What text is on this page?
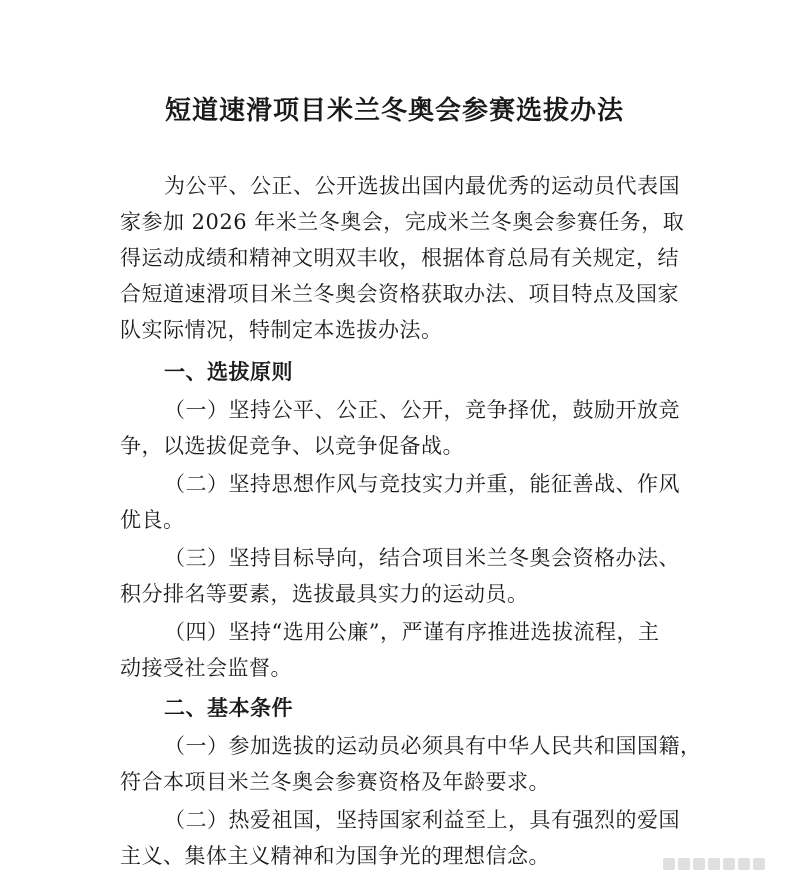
短道速滑项目米兰冬奥会参赛选拔办法
为公平、公正、公开选拔出国内最优秀的运动员代表国
家参加 2026 年米兰冬奥会，完成米兰冬奥会参赛任务，取
得运动成绩和精神文明双丰收，根据体育总局有关规定，结
合短道速滑项目米兰冬奥会资格获取办法、项目特点及国家
队实际情况，特制定本选拔办法。
一、选拔原则
（一）坚持公平、公正、公开，竞争择优，鼓励开放竞
争，以选拔促竞争、以竞争促备战。
（二）坚持思想作风与竞技实力并重，能征善战、作风
优良。
（三）坚持目标导向，结合项目米兰冬奥会资格办法、
积分排名等要素，选拔最具实力的运动员。
（四）坚持“选用公廉”，严谨有序推进选拔流程，主
动接受社会监督。
二、基本条件
（一）参加选拔的运动员必须具有中华人民共和国国籍，
符合本项目米兰冬奥会参赛资格及年龄要求。
（二）热爱祖国，坚持国家利益至上，具有强烈的爱国
主义、集体主义精神和为国争光的理想信念。
